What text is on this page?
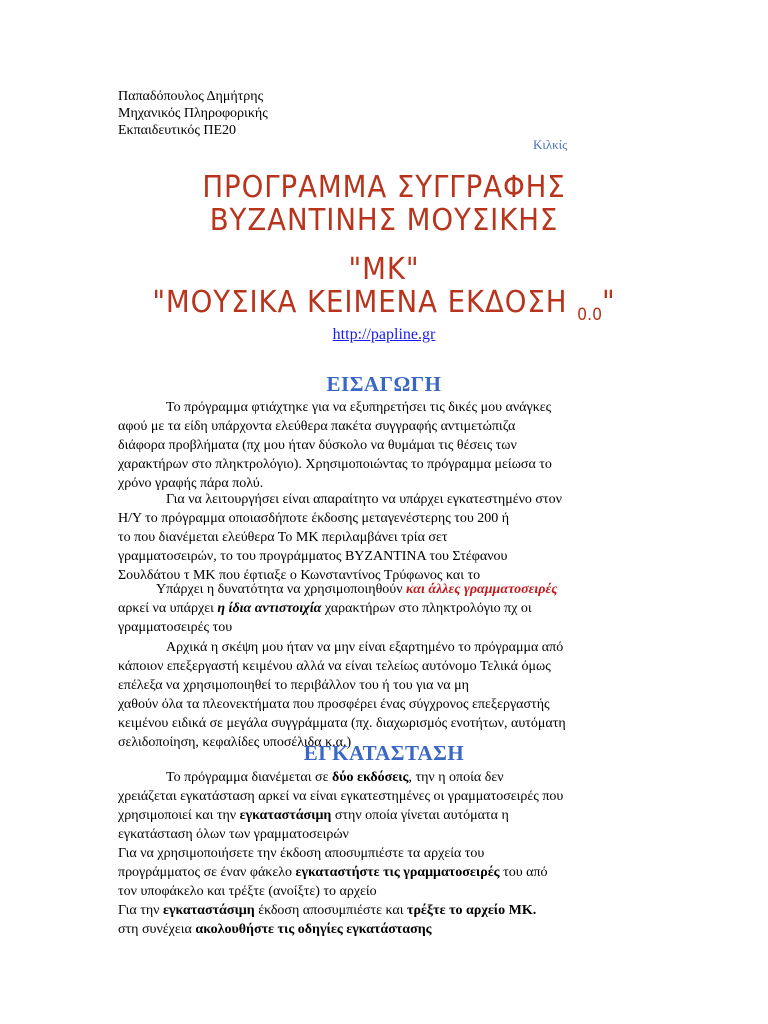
Παπαδόπουλος Δημήτρης
Μηχανικός Πληροφορικής
Εκπαιδευτικός ΠΕ20
Κιλκίς
ΠΡΟΓΡΑΜΜΑ ΣΥΓΓΡΑΦΗΣ
ΒΥΖΑΝΤΙΝΗΣ ΜΟΥΣΙΚΗΣ
"ΜΚ"
"ΜΟΥΣΙΚΑ ΚΕΙΜΕΝΑ ΕΚΔΟΣΗ $_{0.0}$"
http://papline.gr
ΕΙΣΑΓΩΓΗ
Το πρόγραμμα φτιάχτηκε για να εξυπηρετήσει τις δικές μου ανάγκες
αφού με τα είδη υπάρχοντα ελεύθερα πακέτα συγγραφής αντιμετώπιζα
διάφορα προβλήματα (πχ μου ήταν δύσκολο να θυμάμαι τις θέσεις των
χαρακτήρων στο πληκτρολόγιο). Χρησιμοποιώντας το πρόγραμμα μείωσα το
χρόνο γραφής πάρα πολύ.
Για να λειτουργήσει είναι απαραίτητο να υπάρχει εγκατεστημένο στον
Η/Υ το πρόγραμμα οποιασδήποτε έκδοσης μεταγενέστερης του 200 ή
το που διανέμεται ελεύθερα Το ΜΚ περιλαμβάνει τρία σετ
γραμματοσειρών, το του προγράμματος ΒΥΖΑΝΤΙΝΑ του Στέφανου
Σουλδάτου τ ΜΚ που έφτιαξε ο Κωνσταντίνος Τρύφωνος και το
Υπάρχει η δυνατότητα να χρησιμοποιηθούν και άλλες γραμματοσειρές
αρκεί να υπάρχει η ίδια αντιστοιχία χαρακτήρων στο πληκτρολόγιο πχ οι
γραμματοσειρές του
Αρχικά η σκέψη μου ήταν να μην είναι εξαρτημένο το πρόγραμμα από
κάποιον επεξεργαστή κειμένου αλλά να είναι τελείως αυτόνομο Τελικά όμως
επέλεξα να χρησιμοποιηθεί το περιβάλλον του ή του για να μη
χαθούν όλα τα πλεονεκτήματα που προσφέρει ένας σύγχρονος επεξεργαστής
κειμένου ειδικά σε μεγάλα συγγράμματα (πχ. διαχωρισμός ενοτήτων, αυτόματη
σελιδοποίηση, κεφαλίδες υποσέλιδα κ.α.)
ΕΓΚΑΤΑΣΤΑΣΗ
Το πρόγραμμα διανέμεται σε δύο εκδόσεις, την η οποία δεν
χρειάζεται εγκατάσταση αρκεί να είναι εγκατεστημένες οι γραμματοσειρές που
χρησιμοποιεί και την εγκαταστάσιμη στην οποία γίνεται αυτόματα η
εγκατάσταση όλων των γραμματοσειρών
Για να χρησιμοποιήσετε την έκδοση αποσυμπιέστε τα αρχεία του
προγράμματος σε έναν φάκελο εγκαταστήστε τις γραμματοσειρές του από
τον υποφάκελο και τρέξτε (ανοίξτε) το αρχείο
Για την εγκαταστάσιμη έκδοση αποσυμπιέστε και τρέξτε το αρχείο ΜΚ.
στη συνέχεια ακολουθήστε τις οδηγίες εγκατάστασης
